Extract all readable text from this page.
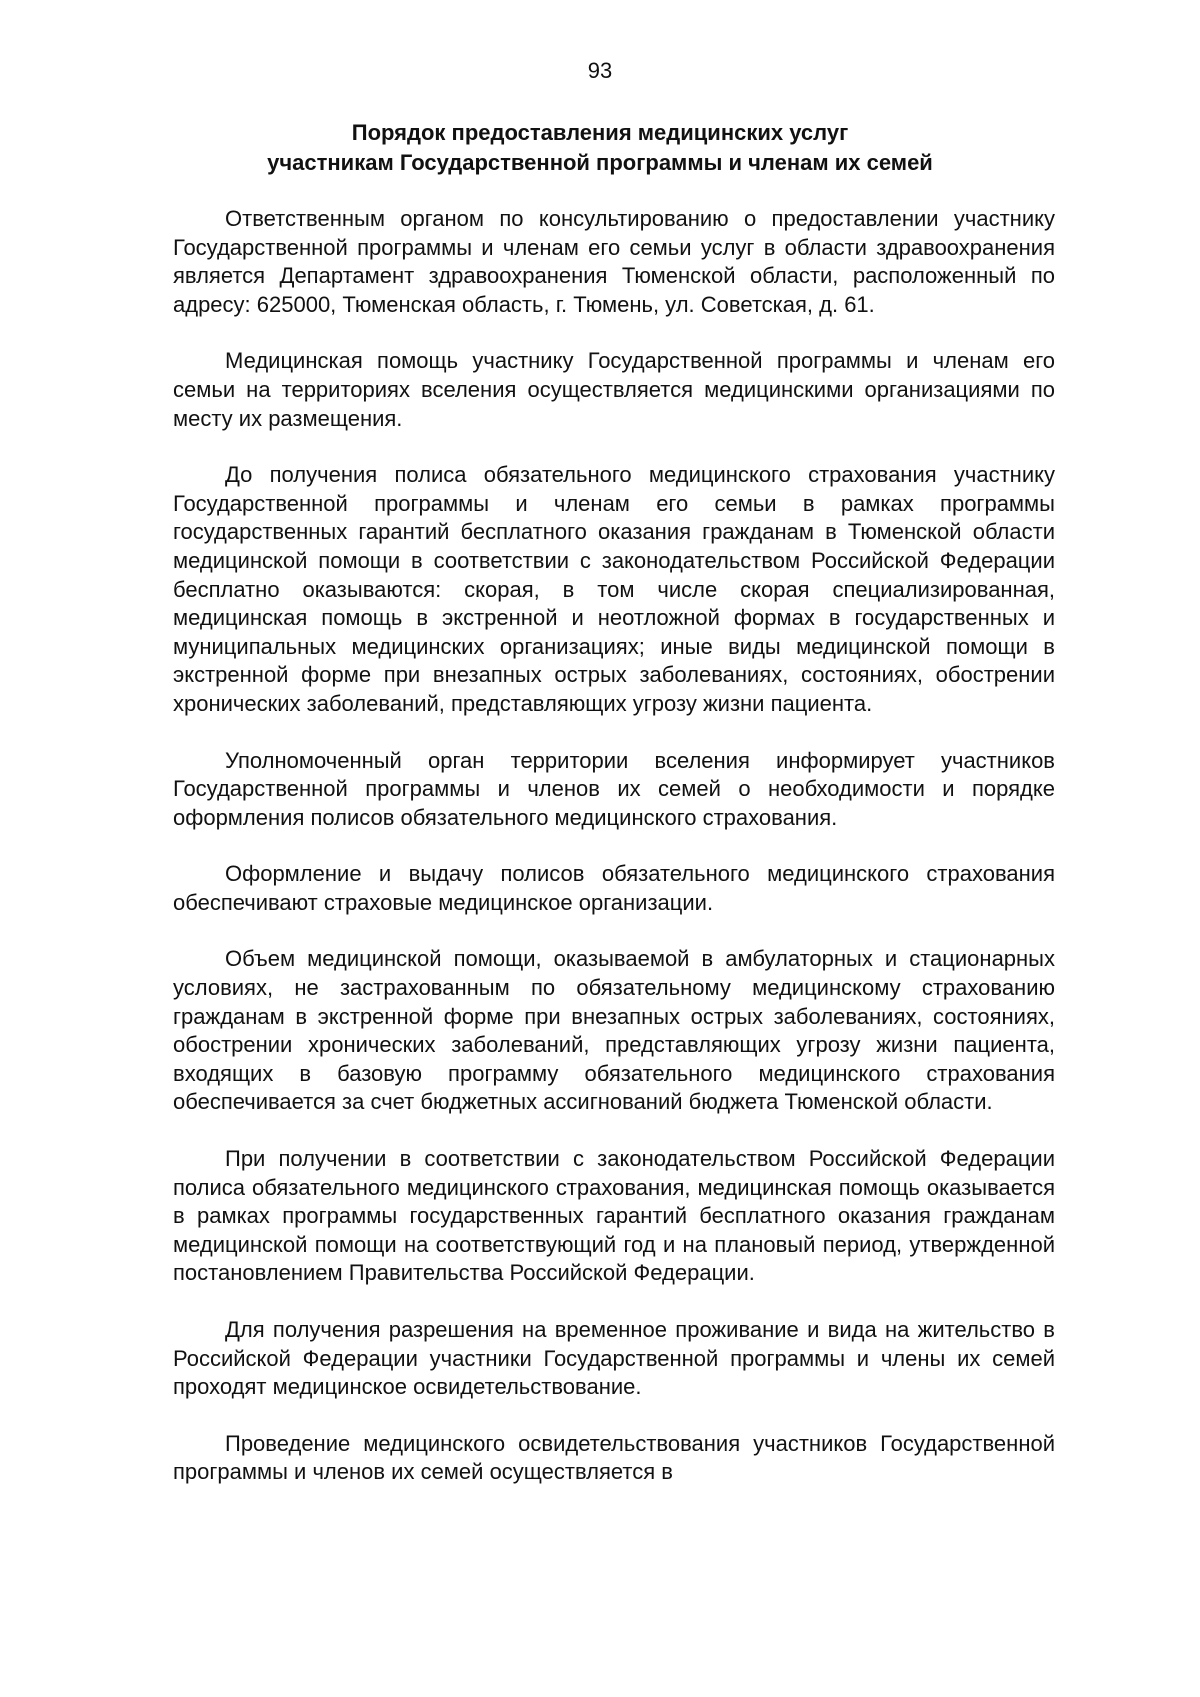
93
Порядок предоставления медицинских услуг
участникам Государственной программы и членам их семей

Ответственным органом по консультированию о предоставлении участнику Государственной программы и членам его семьи услуг в области здравоохранения является Департамент здравоохранения Тюменской области, расположенный по адресу: 625000, Тюменская область, г. Тюмень, ул. Советская, д. 61.

Медицинская помощь участнику Государственной программы и членам его семьи на территориях вселения осуществляется медицинскими организациями по месту их размещения.

До получения полиса обязательного медицинского страхования участнику Государственной программы и членам его семьи в рамках программы государственных гарантий бесплатного оказания гражданам в Тюменской области медицинской помощи в соответствии с законодательством Российской Федерации бесплатно оказываются: скорая, в том числе скорая специализированная, медицинская помощь в экстренной и неотложной формах в государственных и муниципальных медицинских организациях; иные виды медицинской помощи в экстренной форме при внезапных острых заболеваниях, состояниях, обострении хронических заболеваний, представляющих угрозу жизни пациента.

Уполномоченный орган территории вселения информирует участников Государственной программы и членов их семей о необходимости и порядке оформления полисов обязательного медицинского страхования.

Оформление и выдачу полисов обязательного медицинского страхования обеспечивают страховые медицинское организации.

Объем медицинской помощи, оказываемой в амбулаторных и стационарных условиях, не застрахованным по обязательному медицинскому страхованию гражданам в экстренной форме при внезапных острых заболеваниях, состояниях, обострении хронических заболеваний, представляющих угрозу жизни пациента, входящих в базовую программу обязательного медицинского страхования обеспечивается за счет бюджетных ассигнований бюджета Тюменской области.

При получении в соответствии с законодательством Российской Федерации полиса обязательного медицинского страхования, медицинская помощь оказывается в рамках программы государственных гарантий бесплатного оказания гражданам медицинской помощи на соответствующий год и на плановый период, утвержденной постановлением Правительства Российской Федерации.

Для получения разрешения на временное проживание и вида на жительство в Российской Федерации участники Государственной программы и члены их семей проходят медицинское освидетельствование.

Проведение медицинского освидетельствования участников Государственной программы и членов их семей осуществляется в
